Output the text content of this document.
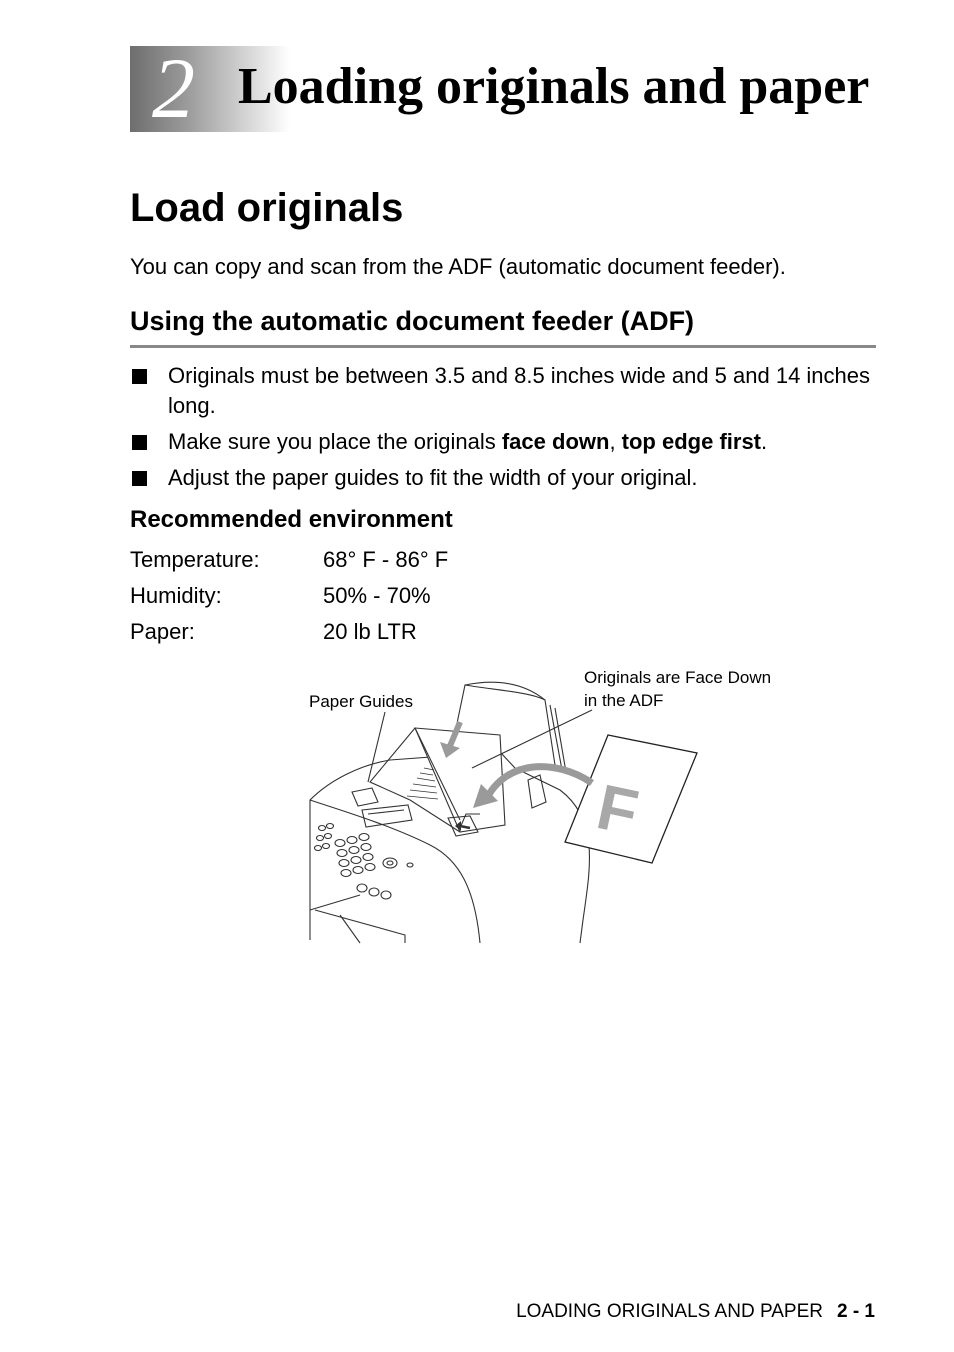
2 Loading originals and paper
Load originals
You can copy and scan from the ADF (automatic document feeder).
Using the automatic document feeder (ADF)
Originals must be between 3.5 and 8.5 inches wide and 5 and 14 inches long.
Make sure you place the originals face down, top edge first.
Adjust the paper guides to fit the width of your original.
Recommended environment
Temperature:	68° F - 86° F
Humidity:	50% - 70%
Paper:	20 lb LTR
F
Paper Guides
Originals are Face Down
in the ADF
LOADING ORIGINALS AND PAPER 2 - 1
